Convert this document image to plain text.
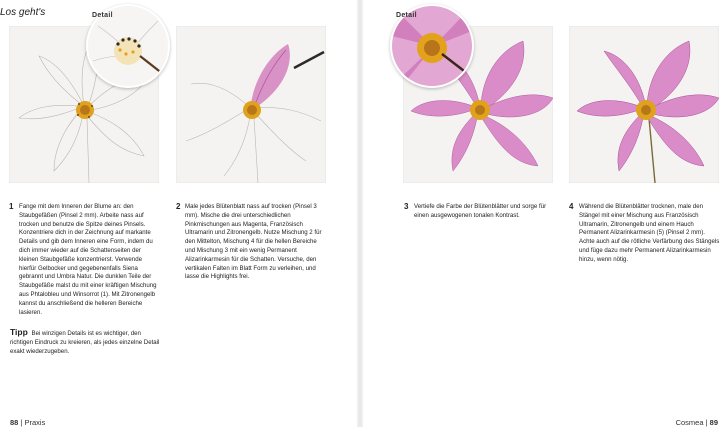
Los geht's	Detail	Detail
1 Fange mit dem Inneren der Blume an: den Staubgefäßen (Pinsel 2 mm). Arbeite nass auf trocken und benutze die Spitze deines Pinsels. Konzentriere dich in der Zeichnung auf markante Details und gib dem Inneren eine Form, indem du dich immer wieder auf die Schattenseiten der kleinen Staubgefäße konzentrierst. Verwende hierfür Gelbocker und gegebenenfalls Siena gebrannt und Umbra Natur. Die dunklen Teile der Staubgefäße malst du mit einer kräftigen Mischung aus Phtalobleu und Winsorrot (1). Mit Zitronengelb kannst du anschließend die helleren Bereiche lasieren.
2 Male jedes Blütenblatt nass auf trocken (Pinsel 3 mm). Mische die drei unterschiedlichen Pinkmischungen aus Magenta, Französisch Ultramarin und Zitronengelb. Nutze Mischung 2 für den Mittelton, Mischung 4 für die hellen Bereiche und Mischung 3 mit ein wenig Permanent Alizarinkarmesin für die Schatten. Versuche, den vertikalen Falten im Blatt Form zu verleihen, und lasse die Highlights frei.
3 Vertiefe die Farbe der Blütenblätter und sorge für einen ausgewogenen tonalen Kontrast.
4 Während die Blütenblätter trocknen, male den Stängel mit einer Mischung aus Französisch Ultramarin, Zitronengelb und einem Hauch Permanent Alizarinkarmesin (5) (Pinsel 2 mm). Achte auch auf die rötliche Verfärbung des Stängels und füge dazu mehr Permanent Alizarinkarmesin hinzu, wenn nötig.
Tipp Bei winzigen Details ist es wichtiger, den richtigen Eindruck zu kreieren, als jedes einzelne Detail exakt wiederzugeben.
88 | Praxis	Cosmea | 89
